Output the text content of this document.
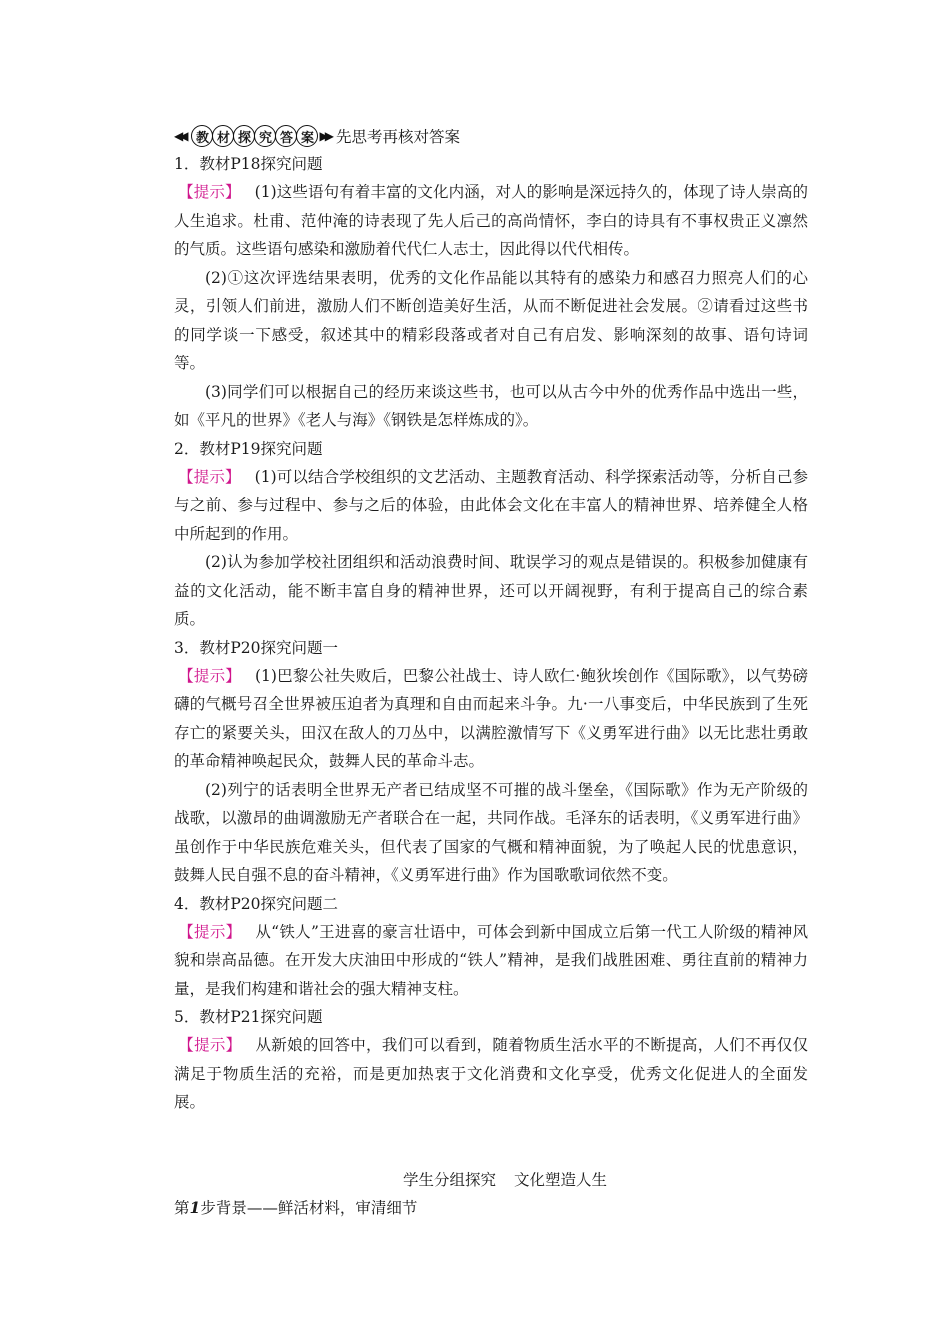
◀◀ 教 材 探 究 答 案 ▶▶ 先思考再核对答案
1．教材P18探究问题

【提示】 (1)这些语句有着丰富的文化内涵，对人的影响是深远持久的，体现了诗人崇高的人生追求。杜甫、范仲淹的诗表现了先人后己的高尚情怀，李白的诗具有不事权贵正义凛然的气质。这些语句感染和激励着代代仁人志士，因此得以代代相传。

(2)①这次评选结果表明，优秀的文化作品能以其特有的感染力和感召力照亮人们的心灵，引领人们前进，激励人们不断创造美好生活，从而不断促进社会发展。②请看过这些书的同学谈一下感受，叙述其中的精彩段落或者对自己有启发、影响深刻的故事、语句诗词等。

(3)同学们可以根据自己的经历来谈这些书，也可以从古今中外的优秀作品中选出一些，如《平凡的世界》《老人与海》《钢铁是怎样炼成的》。

2．教材P19探究问题

【提示】 (1)可以结合学校组织的文艺活动、主题教育活动、科学探索活动等，分析自己参与之前、参与过程中、参与之后的体验，由此体会文化在丰富人的精神世界、培养健全人格中所起到的作用。

(2)认为参加学校社团组织和活动浪费时间、耽误学习的观点是错误的。积极参加健康有益的文化活动，能不断丰富自身的精神世界，还可以开阔视野，有利于提高自己的综合素质。

3．教材P20探究问题一

【提示】 (1)巴黎公社失败后，巴黎公社战士、诗人欧仁·鲍狄埃创作《国际歌》，以气势磅礴的气概号召全世界被压迫者为真理和自由而起来斗争。九·一八事变后，中华民族到了生死存亡的紧要关头，田汉在敌人的刀丛中，以满腔激情写下《义勇军进行曲》以无比悲壮勇敢的革命精神唤起民众，鼓舞人民的革命斗志。

(2)列宁的话表明全世界无产者已结成坚不可摧的战斗堡垒，《国际歌》作为无产阶级的战歌，以激昂的曲调激励无产者联合在一起，共同作战。毛泽东的话表明，《义勇军进行曲》虽创作于中华民族危难关头，但代表了国家的气概和精神面貌，为了唤起人民的忧患意识，鼓舞人民自强不息的奋斗精神，《义勇军进行曲》作为国歌歌词依然不变。

4．教材P20探究问题二

【提示】 从“铁人”王进喜的豪言壮语中，可体会到新中国成立后第一代工人阶级的精神风貌和崇高品德。在开发大庆油田中形成的“铁人”精神，是我们战胜困难、勇往直前的精神力量，是我们构建和谐社会的强大精神支柱。

5．教材P21探究问题

【提示】 从新娘的回答中，我们可以看到，随着物质生活水平的不断提高，人们不再仅仅满足于物质生活的充裕，而是更加热衷于文化消费和文化享受，优秀文化促进人的全面发展。

学生分组探究 文化塑造人生
第1步背景——鲜活材料，审清细节
